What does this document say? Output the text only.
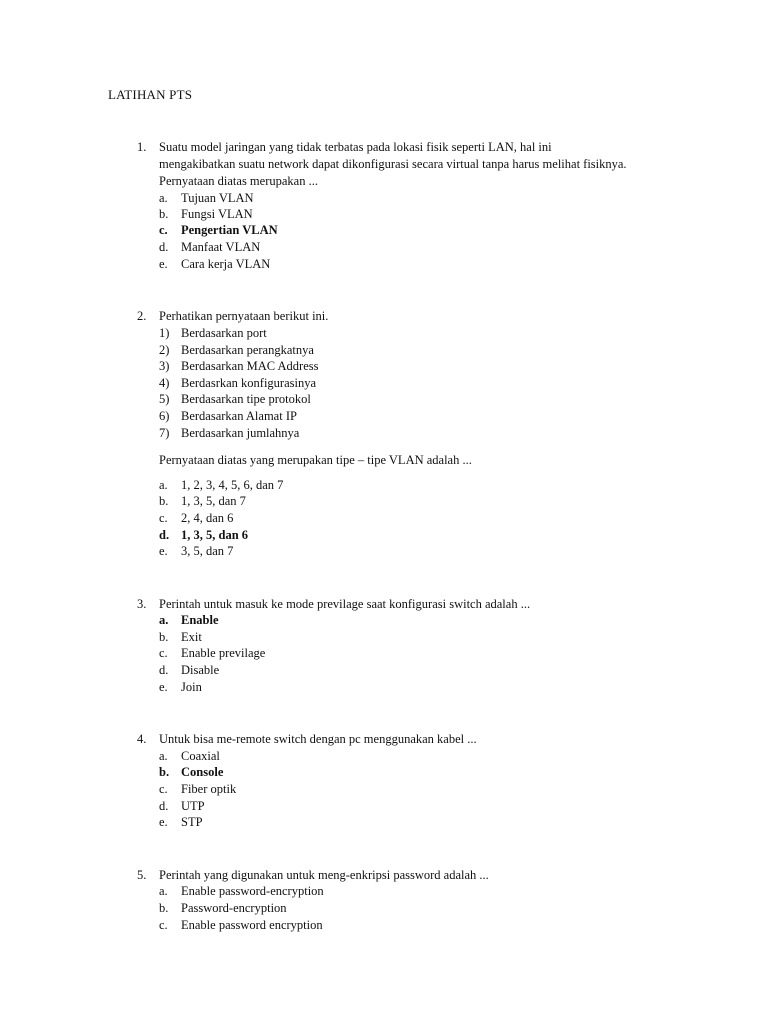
LATIHAN PTS
1. Suatu model jaringan yang tidak terbatas pada lokasi fisik seperti LAN, hal ini
mengakibatkan suatu network dapat dikonfigurasi secara virtual tanpa harus melihat fisiknya.
Pernyataan diatas merupakan ...
a. Tujuan VLAN
b. Fungsi VLAN
c. Pengertian VLAN
d. Manfaat VLAN
e. Cara kerja VLAN
2. Perhatikan pernyataan berikut ini.
1) Berdasarkan port
2) Berdasarkan perangkatnya
3) Berdasarkan MAC Address
4) Berdasrkan konfigurasinya
5) Berdasarkan tipe protokol
6) Berdasarkan Alamat IP
7) Berdasarkan jumlahnya
Pernyataan diatas yang merupakan tipe – tipe VLAN adalah ...
a. 1, 2, 3, 4, 5, 6, dan 7
b. 1, 3, 5, dan 7
c. 2, 4, dan 6
d. 1, 3, 5, dan 6
e. 3, 5, dan 7
3. Perintah untuk masuk ke mode previlage saat konfigurasi switch adalah ...
a. Enable
b. Exit
c. Enable previlage
d. Disable
e. Join
4. Untuk bisa me-remote switch dengan pc menggunakan kabel ...
a. Coaxial
b. Console
c. Fiber optik
d. UTP
e. STP
5. Perintah yang digunakan untuk meng-enkripsi password adalah ...
a. Enable password-encryption
b. Password-encryption
c. Enable password encryption
